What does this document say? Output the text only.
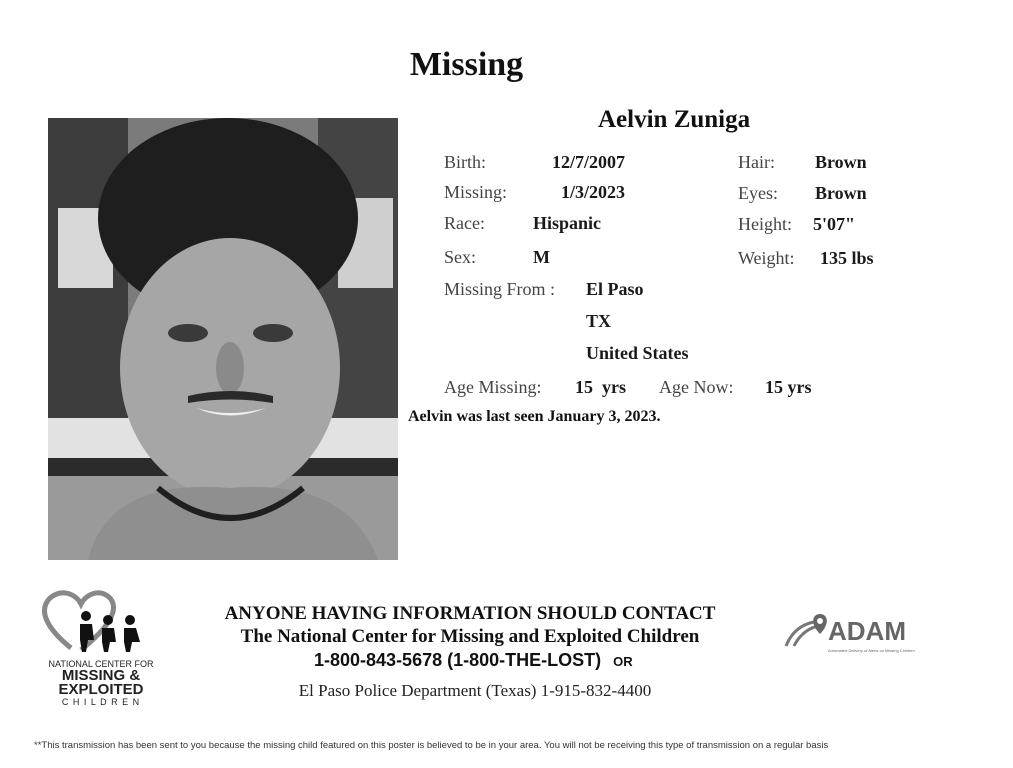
Missing
Aelvin Zuniga
Birth:	12/7/2007
Missing:	1/3/2023
Race:	Hispanic
Sex:	M
Hair: Brown
Eyes: Brown
Height: 5'07"
Weight: 135 lbs
Missing From : El Paso
TX
United States
Age Missing: 15  yrs Age Now: 15 yrs
Aelvin was last seen January 3, 2023.
NATIONAL CENTER FOR
MISSING &
EXPLOITED
C H I L D R E N
ANYONE HAVING INFORMATION SHOULD CONTACT
The National Center for Missing and Exploited Children
1-800-843-5678 (1-800-THE-LOST) OR
El Paso Police Department (Texas) 1-915-832-4400
ADAM
Automated Delivery of Alerts on Missing Children
**This transmission has been sent to you because the missing child featured on this poster is believed to be in your area. You will not be receiving this type of transmission on a regular basis
